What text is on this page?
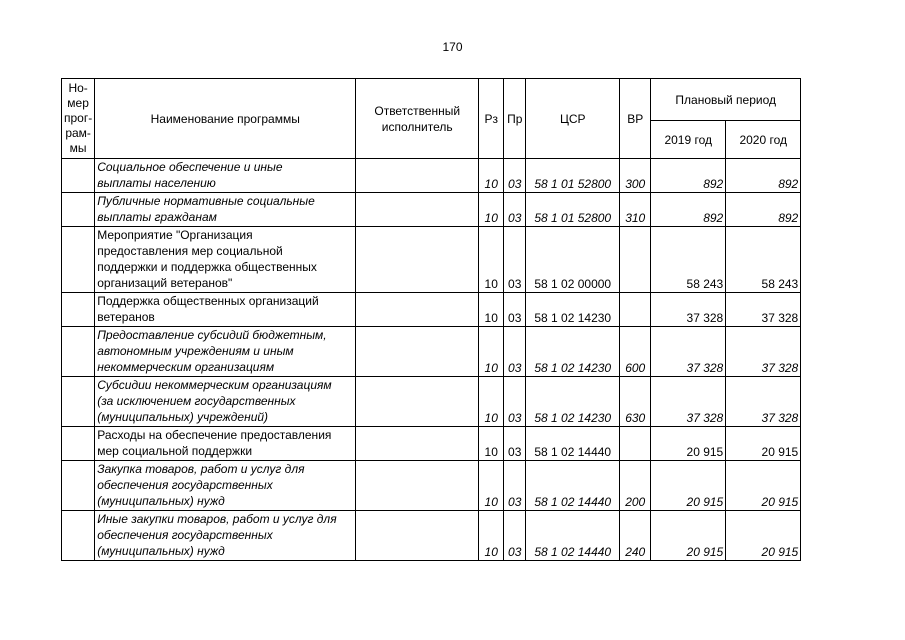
170
Но-
мер
прог-
рам-
мы	Наименование программы	Ответственный исполнитель	Рз	Пр	ЦСР	ВР	Плановый период	
							2019 год	2020 год
	Социальное обеспечение и иные
выплаты населению		10	03	58 1 01 52800	300	892	892
	Публичные нормативные социальные
выплаты гражданам		10	03	58 1 01 52800	310	892	892
	Мероприятие "Организация
предоставления мер социальной
поддержки и поддержка общественных
организаций ветеранов"		10	03	58 1 02 00000		58 243	58 243
	Поддержка общественных организаций
ветеранов		10	03	58 1 02 14230		37 328	37 328
	Предоставление субсидий бюджетным,
автономным учреждениям и иным
некоммерческим организациям		10	03	58 1 02 14230	600	37 328	37 328
	Субсидии некоммерческим организациям
(за исключением государственных
(муниципальных) учреждений)		10	03	58 1 02 14230	630	37 328	37 328
	Расходы на обеспечение предоставления
мер социальной поддержки		10	03	58 1 02 14440		20 915	20 915
	Закупка товаров, работ и услуг для
обеспечения государственных
(муниципальных) нужд		10	03	58 1 02 14440	200	20 915	20 915
	Иные закупки товаров, работ и услуг для
обеспечения государственных
(муниципальных) нужд		10	03	58 1 02 14440	240	20 915	20 915
